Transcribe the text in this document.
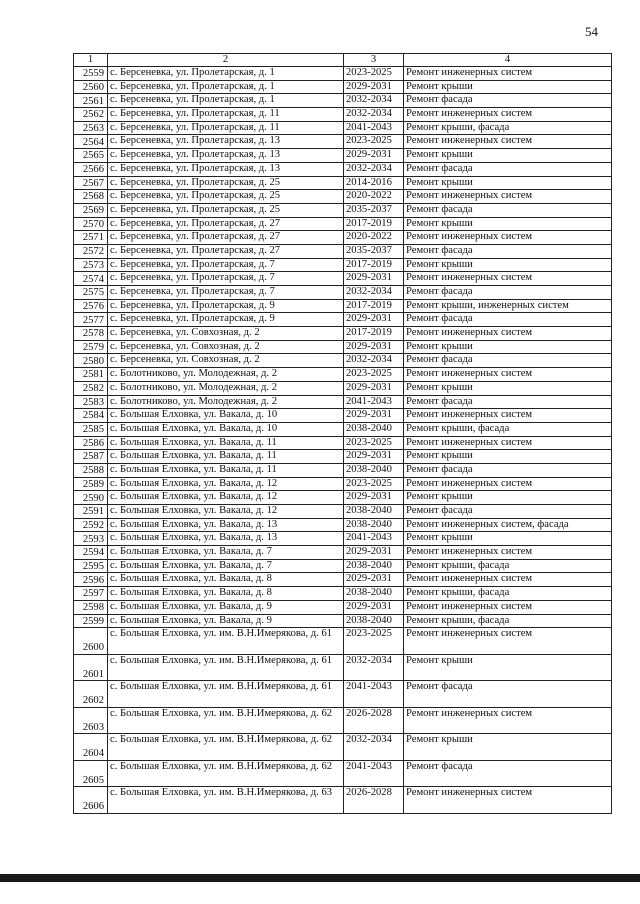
54
1	2	3	4
2559	с. Берсеневка, ул. Пролетарская, д. 1	2023-2025	Ремонт инженерных систем
2560	с. Берсеневка, ул. Пролетарская, д. 1	2029-2031	Ремонт крыши
2561	с. Берсеневка, ул. Пролетарская, д. 1	2032-2034	Ремонт фасада
2562	с. Берсеневка, ул. Пролетарская, д. 11	2032-2034	Ремонт инженерных систем
2563	с. Берсеневка, ул. Пролетарская, д. 11	2041-2043	Ремонт крыши, фасада
2564	с. Берсеневка, ул. Пролетарская, д. 13	2023-2025	Ремонт инженерных систем
2565	с. Берсеневка, ул. Пролетарская, д. 13	2029-2031	Ремонт крыши
2566	с. Берсеневка, ул. Пролетарская, д. 13	2032-2034	Ремонт фасада
2567	с. Берсеневка, ул. Пролетарская, д. 25	2014-2016	Ремонт крыши
2568	с. Берсеневка, ул. Пролетарская, д. 25	2020-2022	Ремонт инженерных систем
2569	с. Берсеневка, ул. Пролетарская, д. 25	2035-2037	Ремонт фасада
2570	с. Берсеневка, ул. Пролетарская, д. 27	2017-2019	Ремонт крыши
2571	с. Берсеневка, ул. Пролетарская, д. 27	2020-2022	Ремонт инженерных систем
2572	с. Берсеневка, ул. Пролетарская, д. 27	2035-2037	Ремонт фасада
2573	с. Берсеневка, ул. Пролетарская, д. 7	2017-2019	Ремонт крыши
2574	с. Берсеневка, ул. Пролетарская, д. 7	2029-2031	Ремонт инженерных систем
2575	с. Берсеневка, ул. Пролетарская, д. 7	2032-2034	Ремонт фасада
2576	с. Берсеневка, ул. Пролетарская, д. 9	2017-2019	Ремонт крыши, инженерных систем
2577	с. Берсеневка, ул. Пролетарская, д. 9	2029-2031	Ремонт фасада
2578	с. Берсеневка, ул. Совхозная, д. 2	2017-2019	Ремонт инженерных систем
2579	с. Берсеневка, ул. Совхозная, д. 2	2029-2031	Ремонт крыши
2580	с. Берсеневка, ул. Совхозная, д. 2	2032-2034	Ремонт фасада
2581	с. Болотниково, ул. Молодежная, д. 2	2023-2025	Ремонт инженерных систем
2582	с. Болотниково, ул. Молодежная, д. 2	2029-2031	Ремонт крыши
2583	с. Болотниково, ул. Молодежная, д. 2	2041-2043	Ремонт фасада
2584	с. Большая Елховка, ул. Вакала, д. 10	2029-2031	Ремонт инженерных систем
2585	с. Большая Елховка, ул. Вакала, д. 10	2038-2040	Ремонт крыши, фасада
2586	с. Большая Елховка, ул. Вакала, д. 11	2023-2025	Ремонт инженерных систем
2587	с. Большая Елховка, ул. Вакала, д. 11	2029-2031	Ремонт крыши
2588	с. Большая Елховка, ул. Вакала, д. 11	2038-2040	Ремонт фасада
2589	с. Большая Елховка, ул. Вакала, д. 12	2023-2025	Ремонт инженерных систем
2590	с. Большая Елховка, ул. Вакала, д. 12	2029-2031	Ремонт крыши
2591	с. Большая Елховка, ул. Вакала, д. 12	2038-2040	Ремонт фасада
2592	с. Большая Елховка, ул. Вакала, д. 13	2038-2040	Ремонт инженерных систем, фасада
2593	с. Большая Елховка, ул. Вакала, д. 13	2041-2043	Ремонт крыши
2594	с. Большая Елховка, ул. Вакала, д. 7	2029-2031	Ремонт инженерных систем
2595	с. Большая Елховка, ул. Вакала, д. 7	2038-2040	Ремонт крыши, фасада
2596	с. Большая Елховка, ул. Вакала, д. 8	2029-2031	Ремонт инженерных систем
2597	с. Большая Елховка, ул. Вакала, д. 8	2038-2040	Ремонт крыши, фасада
2598	с. Большая Елховка, ул. Вакала, д. 9	2029-2031	Ремонт инженерных систем
2599	с. Большая Елховка, ул. Вакала, д. 9	2038-2040	Ремонт крыши, фасада
2600	с. Большая Елховка, ул. им. В.Н.Имерякова, д. 61	2023-2025	Ремонт инженерных систем
2601	с. Большая Елховка, ул. им. В.Н.Имерякова, д. 61	2032-2034	Ремонт крыши
2602	с. Большая Елховка, ул. им. В.Н.Имерякова, д. 61	2041-2043	Ремонт фасада
2603	с. Большая Елховка, ул. им. В.Н.Имерякова, д. 62	2026-2028	Ремонт инженерных систем
2604	с. Большая Елховка, ул. им. В.Н.Имерякова, д. 62	2032-2034	Ремонт крыши
2605	с. Большая Елховка, ул. им. В.Н.Имерякова, д. 62	2041-2043	Ремонт фасада
2606	с. Большая Елховка, ул. им. В.Н.Имерякова, д. 63	2026-2028	Ремонт инженерных систем
